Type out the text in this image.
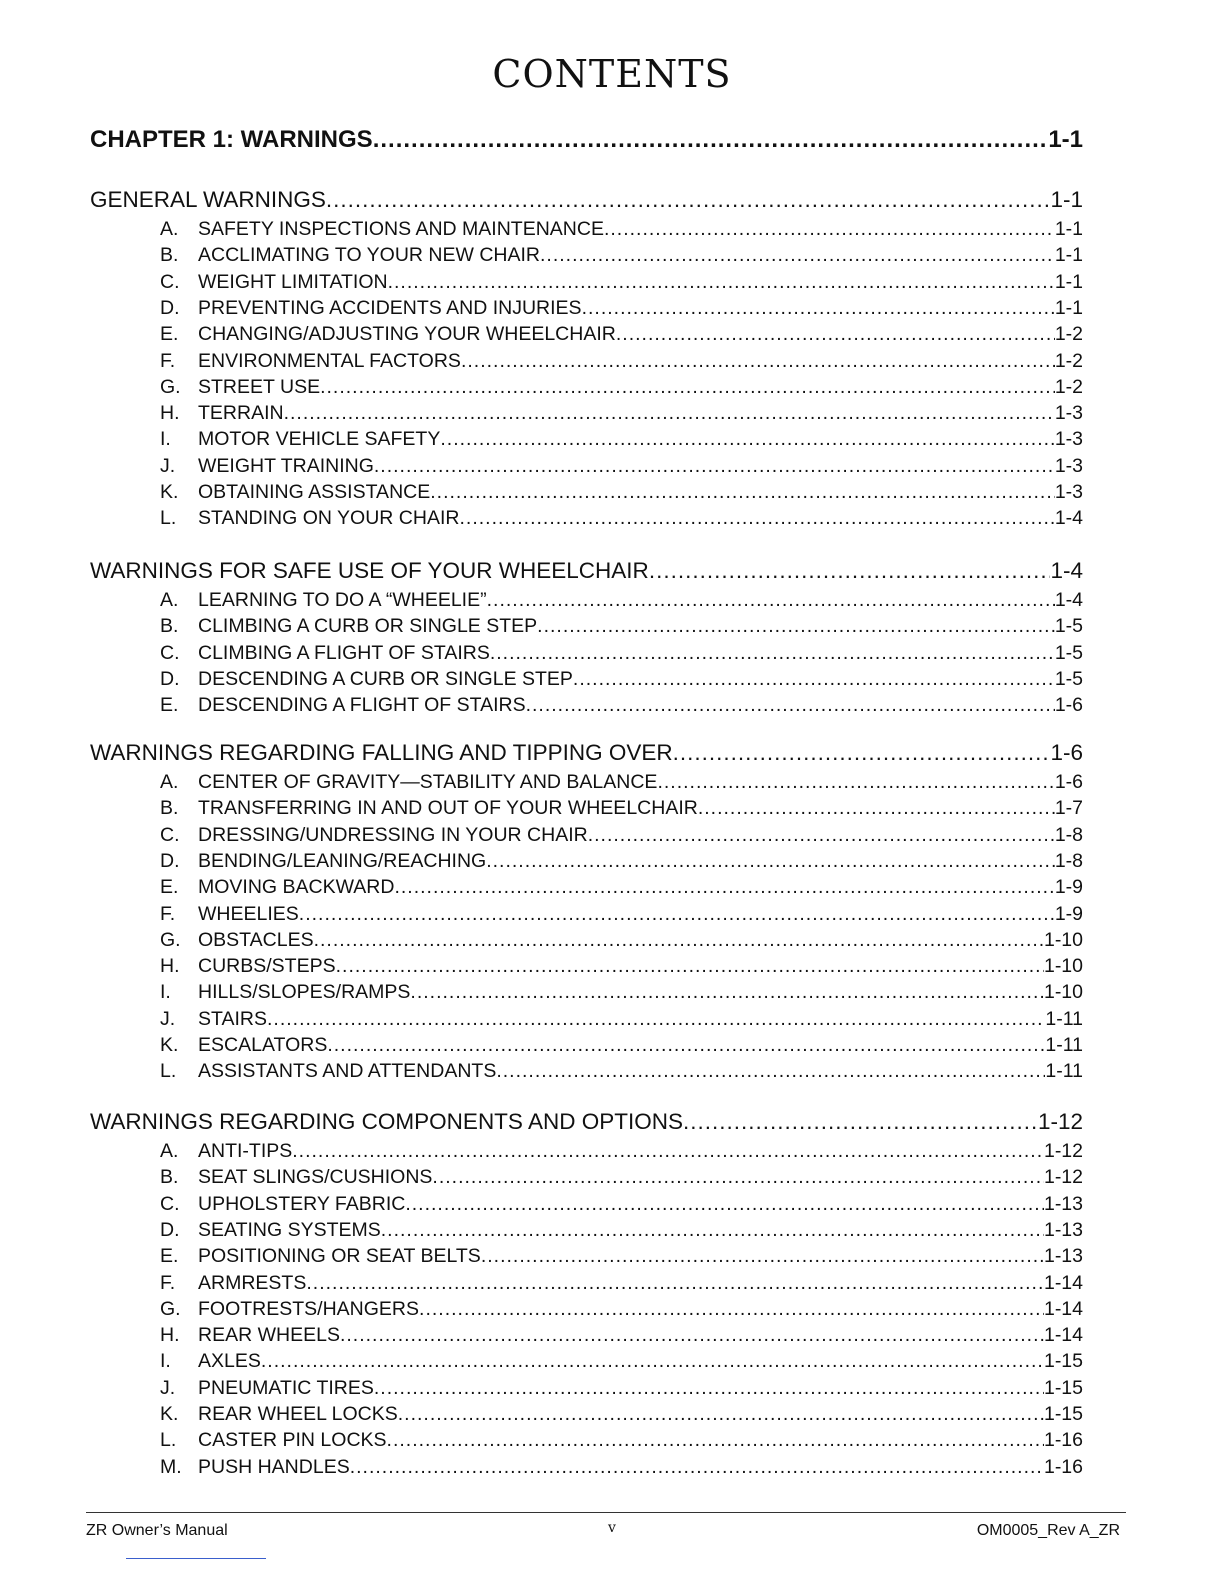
CONTENTS
CHAPTER 1: WARNINGS .....	1-1
GENERAL WARNINGS .....	1-1
A.	SAFETY INSPECTIONS AND MAINTENANCE .....	1-1
B.	ACCLIMATING TO YOUR NEW CHAIR .....	1-1
C. WEIGHT LIMITATION .....	1-1
D. PREVENTING ACCIDENTS AND INJURIES .....	1-1
E.	CHANGING/ADJUSTING YOUR WHEELCHAIR .....	1-2
F.	ENVIRONMENTAL FACTORS .....	1-2
G. STREET USE .....	1-2
H. TERRAIN .....	1-3
I.	MOTOR VEHICLE SAFETY .....	1-3
J.	WEIGHT TRAINING .....	1-3
K.	OBTAINING ASSISTANCE .....	1-3
L.	STANDING ON YOUR CHAIR .....	1-4
WARNINGS FOR SAFE USE OF YOUR WHEELCHAIR .....	1-4
A.	LEARNING TO DO A “WHEELIE” .....	1-4
B.	CLIMBING A CURB OR SINGLE STEP .....	1-5
C. CLIMBING A FLIGHT OF STAIRS .....	1-5
D. DESCENDING A CURB OR SINGLE STEP .....	1-5
E.	DESCENDING A FLIGHT OF STAIRS .....	1-6
WARNINGS REGARDING FALLING AND TIPPING OVER .....	1-6
A.	CENTER OF GRAVITY—STABILITY AND BALANCE .....	1-6
B.	TRANSFERRING IN AND OUT OF YOUR WHEELCHAIR .....	1-7
C. DRESSING/UNDRESSING IN YOUR CHAIR .....	1-8
D. BENDING/LEANING/REACHING .....	1-8
E.	MOVING BACKWARD .....	1-9
F.	WHEELIES .....	1-9
G. OBSTACLES .....	1-10
H. CURBS/STEPS .....	1-10
I.	HILLS/SLOPES/RAMPS .....	1-10
J.	STAIRS .....	1-11
K.	ESCALATORS .....	1-11
L.	ASSISTANTS AND ATTENDANTS .....	1-11
WARNINGS REGARDING COMPONENTS AND OPTIONS .....	1-12
A.	ANTI-TIPS .....	1-12
B.	SEAT SLINGS/CUSHIONS .....	1-12
C. UPHOLSTERY FABRIC .....	1-13
D. SEATING SYSTEMS .....	1-13
E.	POSITIONING OR SEAT BELTS .....	1-13
F.	ARMRESTS .....	1-14
G. FOOTRESTS/HANGERS .....	1-14
H. REAR WHEELS .....	1-14
I.	AXLES .....	1-15
J.	PNEUMATIC TIRES .....	1-15
K.	REAR WHEEL LOCKS .....	1-15
L.	CASTER PIN LOCKS .....	1-16
M. PUSH HANDLES .....	1-16
ZR Owner’s Manual	v	OM0005_Rev A_ZR
